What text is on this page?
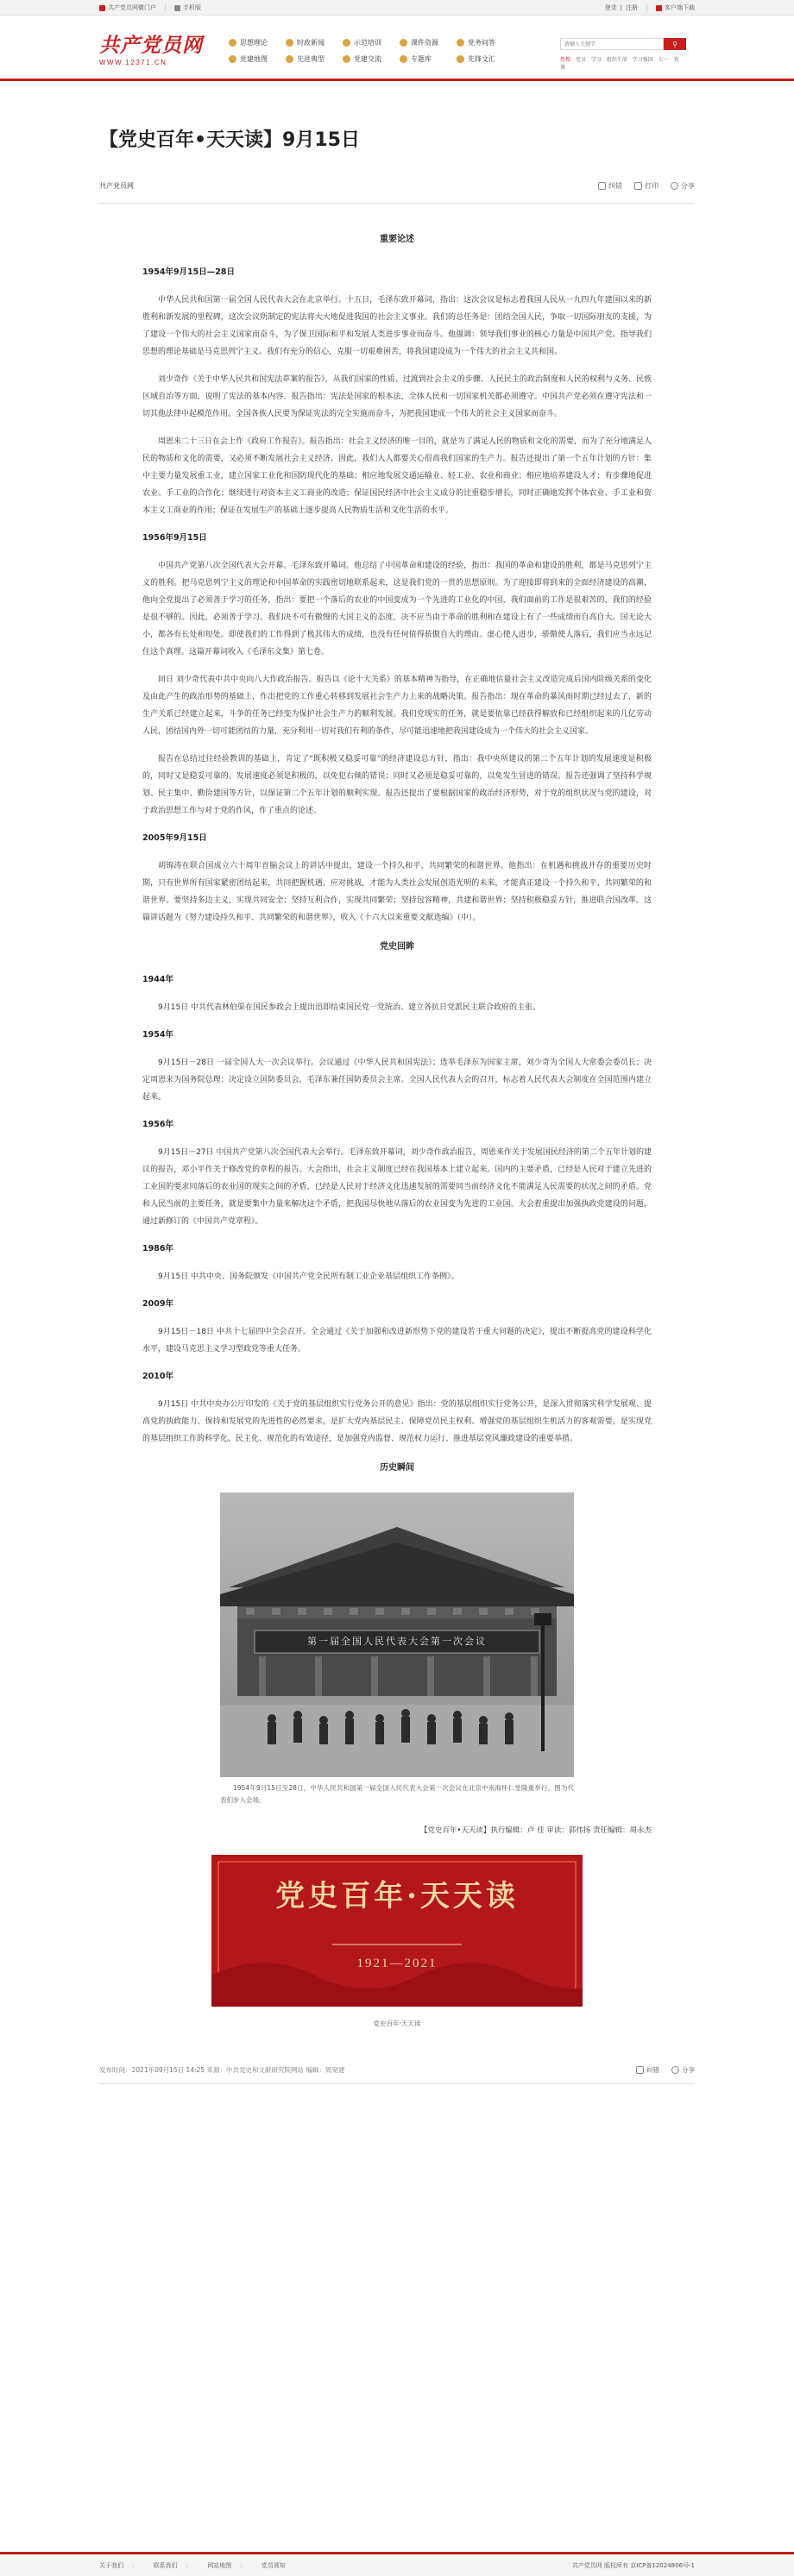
共产党员网微门户	手机版	登录 | 注册	客户端下载
共产党员网
WWW.12371.CN
思想理论	时政新闻	示范培训	课件资源	党务问答
党建地图	先进典型	党建交流	专题库	先锋文汇
请输入关键字
⚲
热搜 党员 学习 组织生活 学习强国 七一 党课
【党史百年•天天读】9月15日
共产党员网	纠错	打印	分享
重要论述
1954年9月15日—28日

中华人民共和国第一届全国人民代表大会在北京举行。十五日，毛泽东致开幕词，指出：这次会议是标志着我国人民从一九四九年建国以来的新胜利和新发展的里程碑，这次会议所制定的宪法将大大地促进我国的社会主义事业。我们的总任务是：团结全国人民，争取一切国际朋友的支援，为了建设一个伟大的社会主义国家而奋斗，为了保卫国际和平和发展人类进步事业而奋斗。他强调：领导我们事业的核心力量是中国共产党。指导我们思想的理论基础是马克思列宁主义。我们有充分的信心，克服一切艰难困苦，将我国建设成为一个伟大的社会主义共和国。

刘少奇作《关于中华人民共和国宪法草案的报告》，从我们国家的性质、过渡到社会主义的步骤、人民民主的政治制度和人民的权利与义务、民族区域自治等方面，说明了宪法的基本内容。报告指出：宪法是国家的根本法，全体人民和一切国家机关都必须遵守。中国共产党必须在遵守宪法和一切其他法律中起模范作用。全国各族人民要为保证宪法的完全实施而奋斗，为把我国建成一个伟大的社会主义国家而奋斗。

周恩来二十三日在会上作《政府工作报告》。报告指出：社会主义经济的唯一目的，就是为了满足人民的物质和文化的需要，而为了充分地满足人民的物质和文化的需要，又必须不断发展社会主义经济。因此，我们人人都要关心很高我们国家的生产力。报告还提出了第一个五年计划的方针：集中主要力量发展重工业，建立国家工业化和国防现代化的基础；相应地发展交通运输业、轻工业、农业和商业；相应地培养建设人才；有步骤地促进农业、手工业的合作化；继续进行对资本主义工商业的改造；保证国民经济中社会主义成分的比重稳步增长，同时正确地发挥个体农业、手工业和资本主义工商业的作用；保证在发展生产的基础上逐步提高人民物质生活和文化生活的水平。

1956年9月15日

中国共产党第八次全国代表大会开幕。毛泽东致开幕词。他总结了中国革命和建设的经验，指出：我国的革命和建设的胜利，都是马克思列宁主义的胜利。把马克思列宁主义的理论和中国革命的实践密切地联系起来，这是我们党的一贯的思想原则。为了迎接即将到来的全面经济建设的高潮，他向全党提出了必须善于学习的任务，指出：要把一个落后的农业的中国变成为一个先进的工业化的中国，我们面前的工作是很艰苦的，我们的经验是很不够的。因此，必须善于学习。我们决不可有傲慢的大国主义的态度，决不应当由于革命的胜利和在建设上有了一些成绩而自高自大。国无论大小，都各有长处和短处。即使我们的工作得到了极其伟大的成绩，也没有任何值得骄傲自大的理由。虚心使人进步，骄傲使人落后，我们应当永远记住这个真理。这篇开幕词收入《毛泽东文集》第七卷。

同日 刘少奇代表中共中央向八大作政治报告。报告以《论十大关系》的基本精神为指导，在正确地估量社会主义改造完成后国内阶级关系的变化及由此产生的政治形势的基础上，作出把党的工作重心转移到发展社会生产力上来的战略决策。报告指出：现在革命的暴风雨时期已经过去了，新的生产关系已经建立起来，斗争的任务已经变为保护社会生产力的顺利发展。我们党现实的任务，就是要依靠已经获得解放和已经组织起来的几亿劳动人民，团结国内外一切可能团结的力量，充分利用一切对我们有利的条件，尽可能迅速地把我国建设成为一个伟大的社会主义国家。

报告在总结过往经验教训的基础上，肯定了“既积极又稳妥可靠”的经济建设总方针，指出：我中央所建议的第二个五年计划的发展速度是积极的，同时又是稳妥可靠的。发展速度必须是积极的，以免犯右倾的错误；同时又必须是稳妥可靠的，以免发生冒进的错误。报告还强调了坚持科学规划、民主集中、勤俭建国等方针，以保证第二个五年计划的顺利实现。报告还提出了要根据国家的政治经济形势，对于党的组织状况与党的建设，对于政治思想工作与对于党的作风，作了重点的论述。

2005年9月15日

胡锦涛在联合国成立六十周年首脑会议上的讲话中提出，建设一个持久和平、共同繁荣的和谐世界。他指出：在机遇和挑战并存的重要历史时期，只有世界所有国家紧密团结起来，共同把握机遇、应对挑战，才能为人类社会发展创造光明的未来，才能真正建设一个持久和平、共同繁荣的和谐世界。要坚持多边主义，实现共同安全；坚持互利合作，实现共同繁荣；坚持包容精神，共建和谐世界；坚持积极稳妥方针，推进联合国改革。这篇讲话题为《努力建设持久和平、共同繁荣的和谐世界》，收入《十六大以来重要文献选编》（中）。

党史回眸
1944年

9月15日 中共代表林伯渠在国民参政会上提出迅即结束国民党一党统治、建立各抗日党派民主联合政府的主张。

1954年

9月15日－28日 一届全国人大一次会议举行。会议通过《中华人民共和国宪法》；选举毛泽东为国家主席，刘少奇为全国人大常委会委员长；决定周恩来为国务院总理；决定设立国防委员会，毛泽东兼任国防委员会主席。全国人民代表大会的召开，标志着人民代表大会制度在全国范围内建立起来。

1956年

9月15日－27日 中国共产党第八次全国代表大会举行。毛泽东致开幕词，刘少奇作政治报告，周恩来作关于发展国民经济的第二个五年计划的建议的报告，邓小平作关于修改党的章程的报告。大会指出，社会主义制度已经在我国基本上建立起来。国内的主要矛盾，已经是人民对于建立先进的工业国的要求同落后的农业国的现实之间的矛盾，已经是人民对于经济文化迅速发展的需要同当前经济文化不能满足人民需要的状况之间的矛盾。党和人民当前的主要任务，就是要集中力量来解决这个矛盾，把我国尽快地从落后的农业国变为先进的工业国。大会着重提出加强执政党建设的问题，通过新修订的《中国共产党章程》。

1986年

9月15日 中共中央、国务院颁发《中国共产党全民所有制工业企业基层组织工作条例》。

2009年

9月15日－18日 中共十七届四中全会召开。全会通过《关于加强和改进新形势下党的建设若干重大问题的决定》，提出不断提高党的建设科学化水平，建设马克思主义学习型政党等重大任务。

2010年

9月15日 中共中央办公厅印发的《关于党的基层组织实行党务公开的意见》指出：党的基层组织实行党务公开，是深入贯彻落实科学发展观、提高党的执政能力、保持和发展党的先进性的必然要求，是扩大党内基层民主、保障党员民主权利、增强党的基层组织生机活力的客观需要，是实现党的基层组织工作的科学化、民主化、规范化的有效途径，是加强党内监督、规范权力运行、推进基层党风廉政建设的重要举措。

历史瞬间
第一届全国人民代表大会第一次会议

1954年9月15日至28日，中华人民共和国第一届全国人民代表大会第一次会议在北京中南海怀仁堂隆重举行。图为代表们步入会场。

【党史百年•天天读】执行编辑：卢 佳 审读：郭伟扬 责任编辑：周永杰
党史百年·天天读
1921—2021
党史百年·天天读
发布时间：2021年09月15日 14:25 来源：中共党史和文献研究院网站 编辑：周宽建	纠错	分享
关于我们 |	联系我们 |	网站地图 |	党员须知	共产党员网 版权所有 京ICP备12024806号-1
